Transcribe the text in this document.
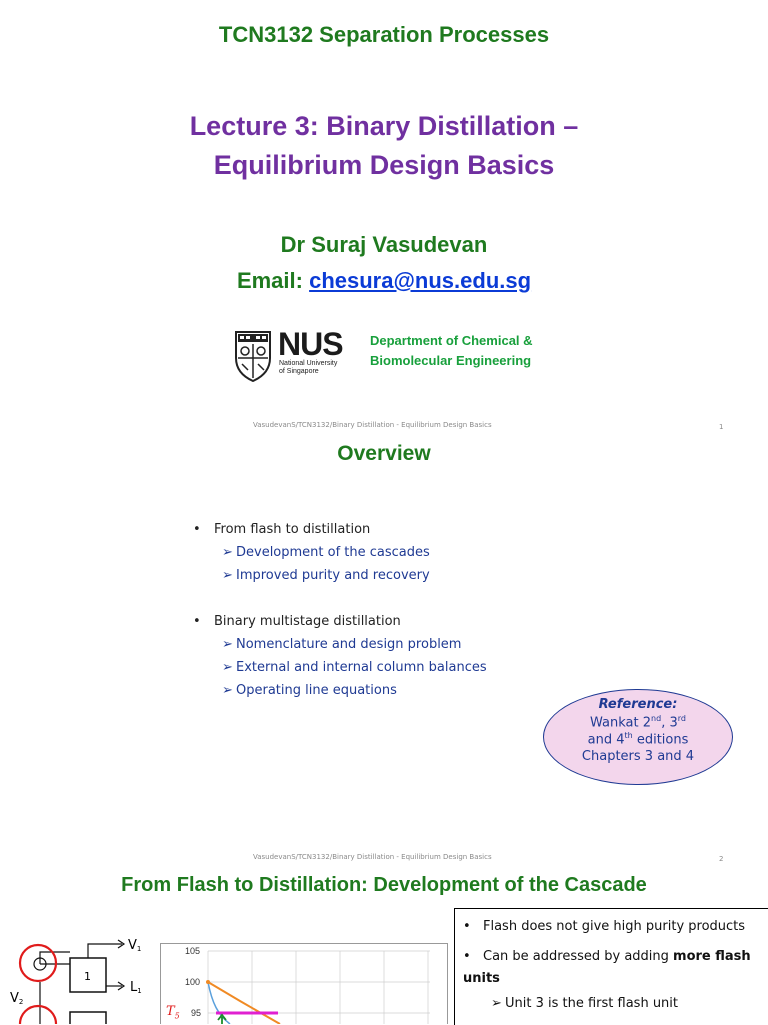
TCN3132 Separation Processes
Lecture 3: Binary Distillation –
Equilibrium Design Basics
Dr Suraj Vasudevan
Email: chesura@nus.edu.sg
NUS
National University
of Singapore
Department of Chemical &
Biomolecular Engineering
VasudevanS/TCN3132/Binary Distillation - Equilibrium Design Basics	1
Overview
• From flash to distillation
➢ Development of the cascades
➢ Improved purity and recovery
• Binary multistage distillation
➢ Nomenclature and design problem
➢ External and internal column balances
➢ Operating line equations
VasudevanS/TCN3132/Binary Distillation - Equilibrium Design Basics	2
Reference:
Wankat 2nd, 3rd
and 4th editions
Chapters 3 and 4
From Flash to Distillation: Development of the Cascade
1
V1
L1
V2
105
100
95
$T_5$
• Flash does not give high purity products
• Can be addressed by adding more flash units
➢ Unit 3 is the first flash unit
